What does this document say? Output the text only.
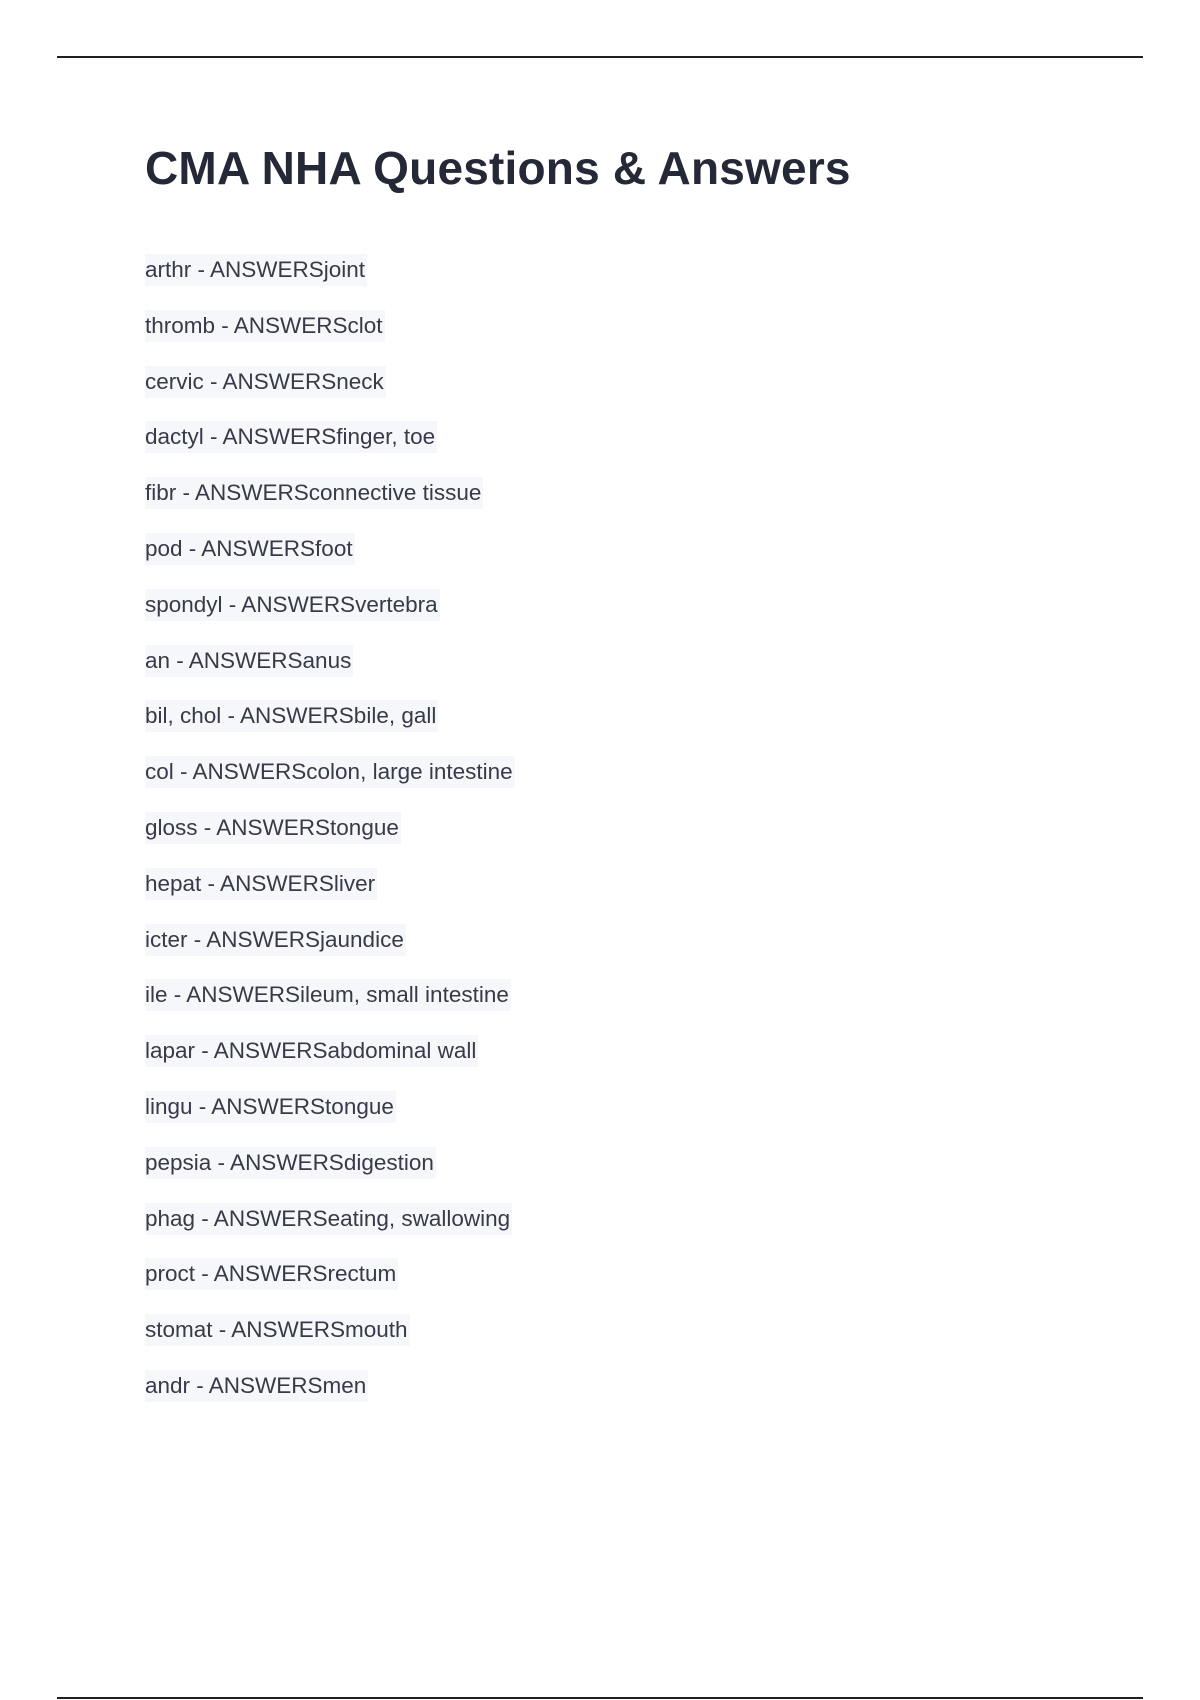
CMA NHA Questions & Answers
arthr - ANSWERSjoint
thromb - ANSWERSclot
cervic - ANSWERSneck
dactyl - ANSWERSfinger, toe
fibr - ANSWERSconnective tissue
pod - ANSWERSfoot
spondyl - ANSWERSvertebra
an - ANSWERSanus
bil, chol - ANSWERSbile, gall
col - ANSWERScolon, large intestine
gloss - ANSWERStongue
hepat - ANSWERSliver
icter - ANSWERSjaundice
ile - ANSWERSileum, small intestine
lapar - ANSWERSabdominal wall
lingu - ANSWERStongue
pepsia - ANSWERSdigestion
phag - ANSWERSeating, swallowing
proct - ANSWERSrectum
stomat - ANSWERSmouth
andr - ANSWERSmen
